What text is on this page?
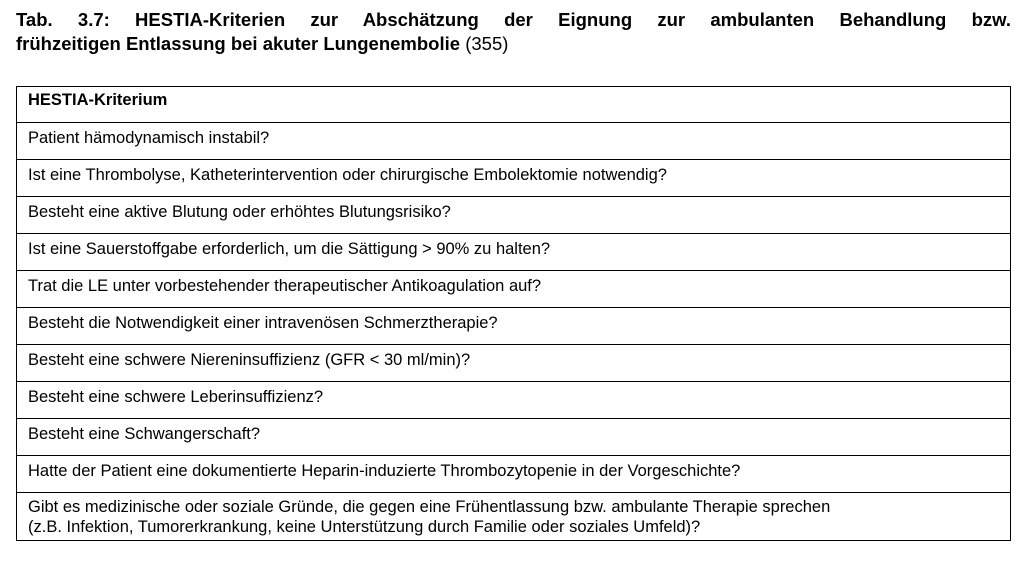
Tab. 3.7: HESTIA-Kriterien zur Abschätzung der Eignung zur ambulanten Behandlung bzw.
frühzeitigen Entlassung bei akuter Lungenembolie (355)
HESTIA-Kriterium
Patient hämodynamisch instabil?
Ist eine Thrombolyse, Katheterintervention oder chirurgische Embolektomie notwendig?
Besteht eine aktive Blutung oder erhöhtes Blutungsrisiko?
Ist eine Sauerstoffgabe erforderlich, um die Sättigung > 90% zu halten?
Trat die LE unter vorbestehender therapeutischer Antikoagulation auf?
Besteht die Notwendigkeit einer intravenösen Schmerztherapie?
Besteht eine schwere Niereninsuffizienz (GFR < 30 ml/min)?
Besteht eine schwere Leberinsuffizienz?
Besteht eine Schwangerschaft?
Hatte der Patient eine dokumentierte Heparin-induzierte Thrombozytopenie in der Vorgeschichte?

Gibt es medizinische oder soziale Gründe, die gegen eine Frühentlassung bzw. ambulante Therapie sprechen
(z.B. Infektion, Tumorerkrankung, keine Unterstützung durch Familie oder soziales Umfeld)?
